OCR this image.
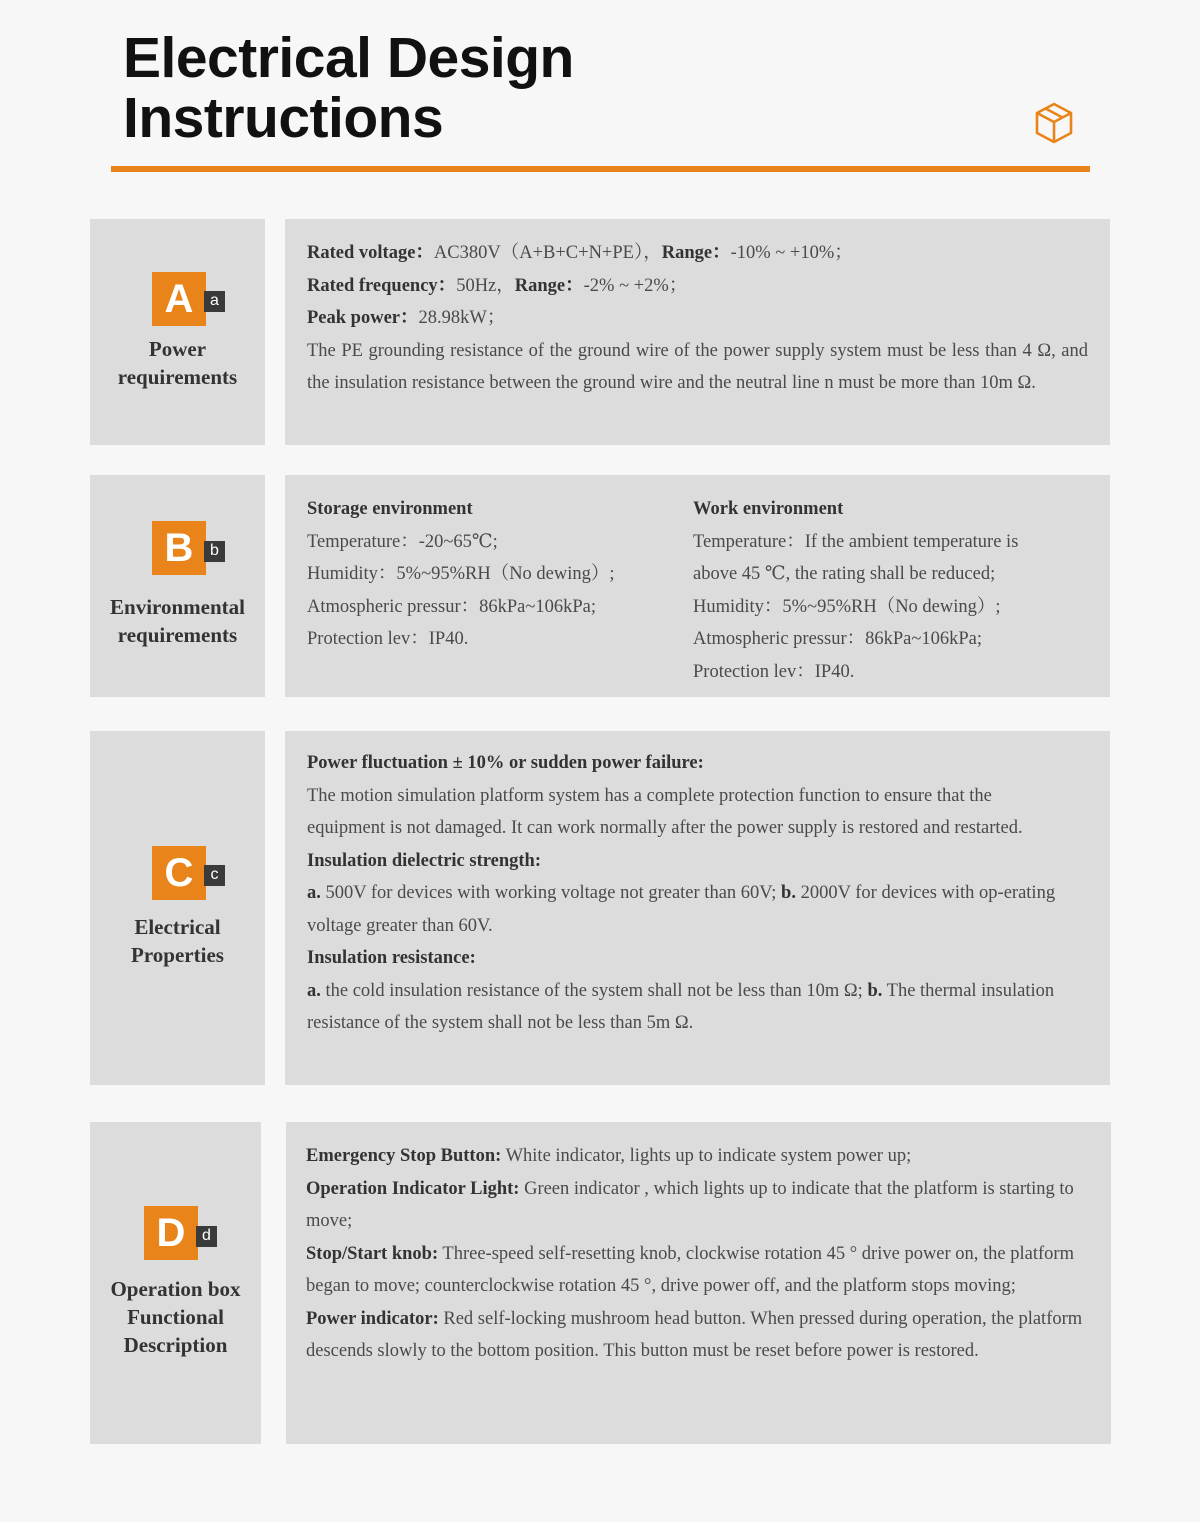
Electrical Design
Instructions
A	a
Power
requirements

Rated voltage：AC380V（A+B+C+N+PE），Range：-10% ~ +10%；

Rated frequency：50Hz，Range：-2% ~ +2%；

Peak power：28.98kW；

The PE grounding resistance of the ground wire of the power supply system must be less than 4 Ω, and the insulation resistance between the ground wire and the neutral line n must be more than 10m Ω.

B	b
Environmental
requirements

Storage environment

Temperature：-20~65℃;

Humidity：5%~95%RH（No dewing）;

Atmospheric pressur：86kPa~106kPa;

Protection lev：IP40.

Work environment

Temperature：If the ambient temperature is

above 45 ℃, the rating shall be reduced;

Humidity：5%~95%RH（No dewing）;

Atmospheric pressur：86kPa~106kPa;

Protection lev：IP40.

C	c
Electrical
Properties

Power fluctuation ± 10% or sudden power failure:

The motion simulation platform system has a complete protection function to ensure that the equipment is not damaged. It can work normally after the power supply is restored and restarted.

Insulation dielectric strength:

a. 500V for devices with working voltage not greater than 60V; b. 2000V for devices with op-erating voltage greater than 60V.

Insulation resistance:

a. the cold insulation resistance of the system shall not be less than 10m Ω; b. The thermal insulation resistance of the system shall not be less than 5m Ω.

D	d
Operation box
Functional
Description

Emergency Stop Button: White indicator, lights up to indicate system power up;

Operation Indicator Light: Green indicator , which lights up to indicate that the platform is starting to move;

Stop/Start knob: Three-speed self-resetting knob, clockwise rotation 45 ° drive power on, the platform began to move; counterclockwise rotation 45 °, drive power off, and the platform stops moving;

Power indicator: Red self-locking mushroom head button. When pressed during operation, the platform descends slowly to the bottom position. This button must be reset before power is restored.
